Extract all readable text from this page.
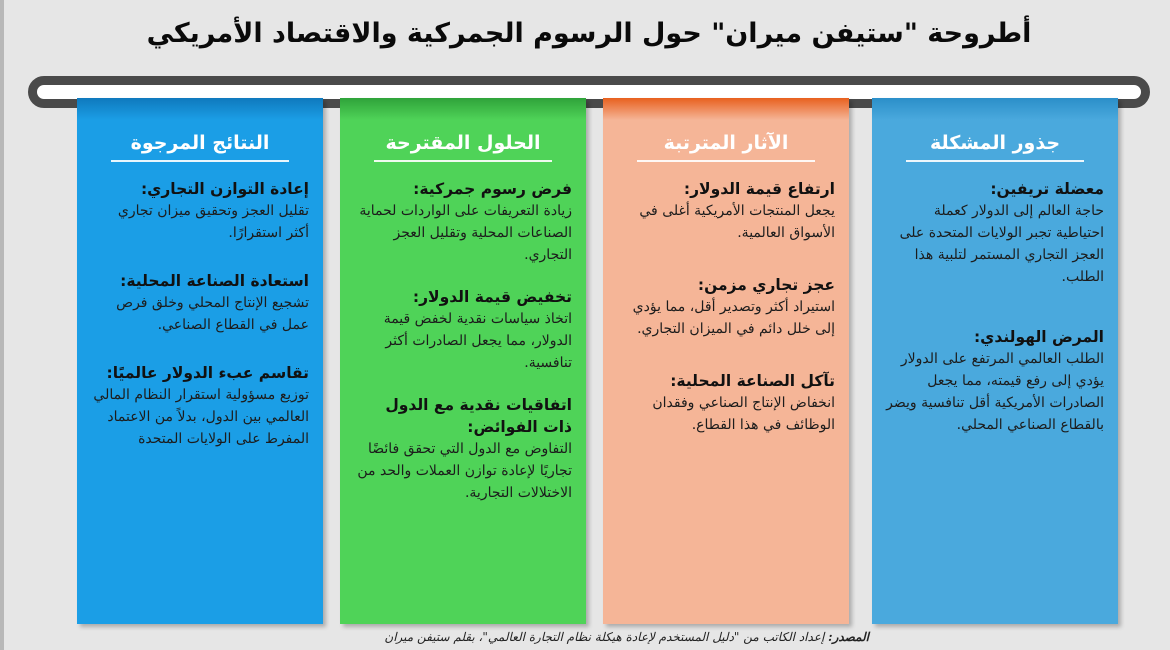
أطروحة "ستيفن ميران" حول الرسوم الجمركية والاقتصاد الأمريكي
جذور المشكلة
معضلة تريفين:
حاجة العالم إلى الدولار كعملة احتياطية تجبر الولايات المتحدة على العجز التجاري المستمر لتلبية هذا الطلب.
المرض الهولندي:
الطلب العالمي المرتفع على الدولار يؤدي إلى رفع قيمته، مما يجعل الصادرات الأمريكية أقل تنافسية ويضر بالقطاع الصناعي المحلي.
الآثار المترتبة
ارتفاع قيمة الدولار:
يجعل المنتجات الأمريكية أغلى في الأسواق العالمية.
عجز تجاري مزمن:
استيراد أكثر وتصدير أقل، مما يؤدي إلى خلل دائم في الميزان التجاري.
تآكل الصناعة المحلية:
انخفاض الإنتاج الصناعي وفقدان الوظائف في هذا القطاع.
الحلول المقترحة
فرض رسوم جمركية:
زيادة التعريفات على الواردات لحماية الصناعات المحلية وتقليل العجز التجاري.
تخفيض قيمة الدولار:
اتخاذ سياسات نقدية لخفض قيمة الدولار، مما يجعل الصادرات أكثر تنافسية.
اتفاقيات نقدية مع الدول ذات الفوائض:
التفاوض مع الدول التي تحقق فائضًا تجاريًا لإعادة توازن العملات والحد من الاختلالات التجارية.
النتائج المرجوة
إعادة التوازن التجاري:
تقليل العجز وتحقيق ميزان تجاري أكثر استقرارًا.
استعادة الصناعة المحلية:
تشجيع الإنتاج المحلي وخلق فرص عمل في القطاع الصناعي.
تقاسم عبء الدولار عالميًا:
توزيع مسؤولية استقرار النظام المالي العالمي بين الدول، بدلاً من الاعتماد المفرط على الولايات المتحدة
المصدر: إعداد الكاتب من "دليل المستخدم لإعادة هيكلة نظام التجارة العالمي"، بقلم ستيفن ميران
